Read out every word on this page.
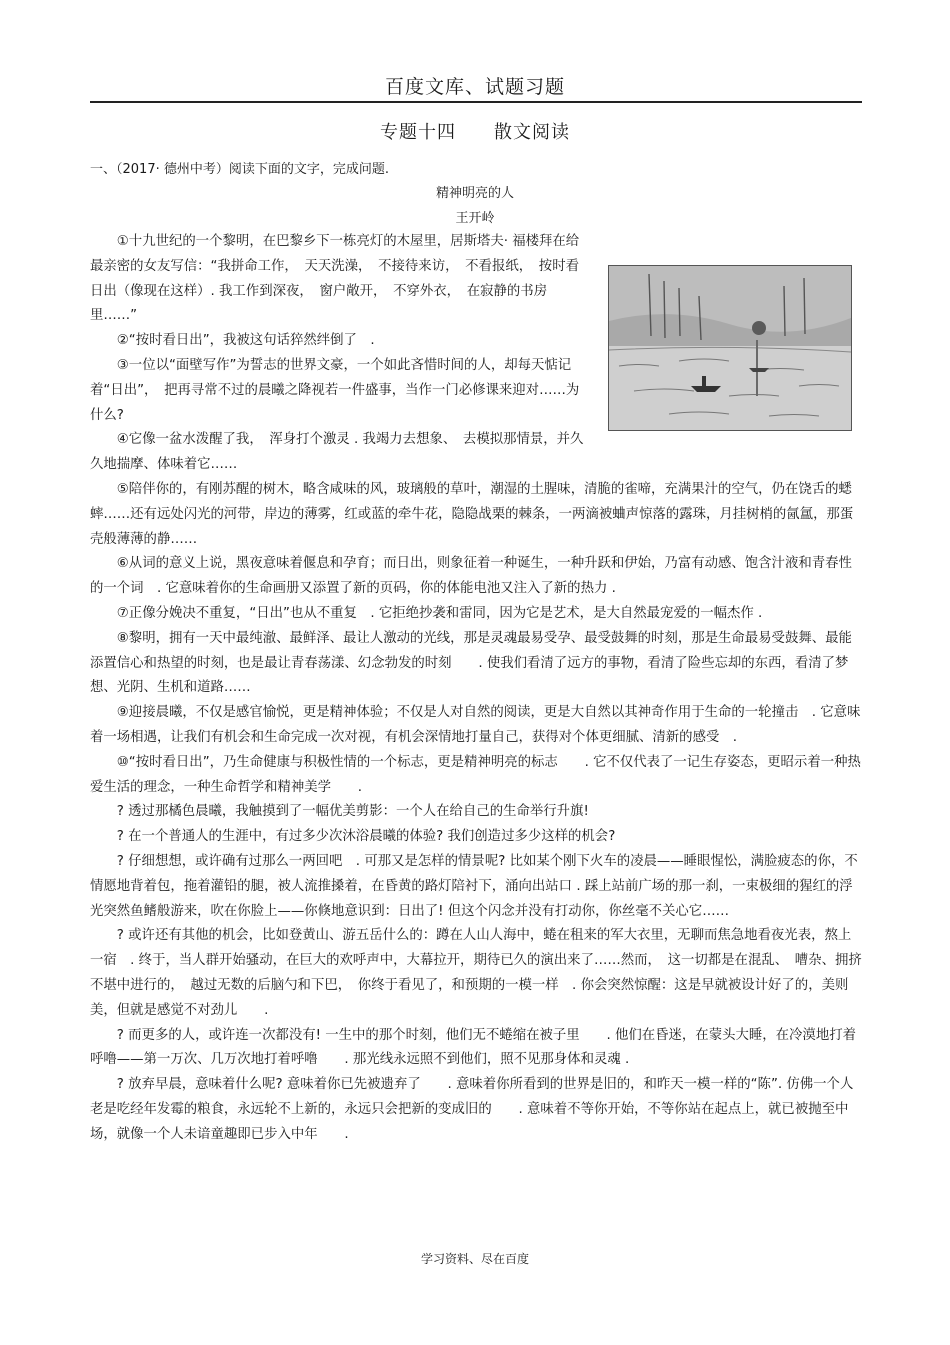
百度文库、试题习题
专题十四　　散文阅读
一、（2017· 德州中考）阅读下面的文字，完成问题.
精神明亮的人
王开岭

①十九世纪的一个黎明，在巴黎乡下一栋亮灯的木屋里，居斯塔夫· 福楼拜在给最亲密的女友写信：“我拼命工作，　天天洗澡，　不接待来访，　不看报纸，　按时看日出（像现在这样）. 我工作到深夜，　窗户敞开，　不穿外衣，　在寂静的书房里……”

②“按时看日出”，我被这句话猝然绊倒了　.

③一位以“面壁写作”为誓志的世界文豪，一个如此吝惜时间的人，却每天惦记着“日出”，　把再寻常不过的晨曦之降视若一件盛事，当作一门必修课来迎对……为什么?

④它像一盆水泼醒了我，　浑身打个激灵 . 我竭力去想象、　去模拟那情景，并久久地揣摩、体味着它……

⑤陪伴你的，有刚苏醒的树木，略含咸味的风，玻璃般的草叶，潮湿的土腥味，清脆的雀啼，充满果汁的空气，仍在饶舌的蟋蟀……还有远处闪光的河带，岸边的薄雾，红或蓝的牵牛花，隐隐战栗的棘条，一两滴被蛐声惊落的露珠，月挂树梢的氤氲，那蛋壳般薄薄的静……

⑥从词的意义上说，黑夜意味着偃息和孕育；而日出，则象征着一种诞生，一种升跃和伊始，乃富有动感、饱含汁液和青春性的一个词　. 它意味着你的生命画册又添置了新的页码，你的体能电池又注入了新的热力 .

⑦正像分娩决不重复，“日出”也从不重复　. 它拒绝抄袭和雷同，因为它是艺术，是大自然最宠爱的一幅杰作 .

⑧黎明，拥有一天中最纯澈、最鲜泽、最让人激动的光线，那是灵魂最易受孕、最受鼓舞的时刻，那是生命最易受鼓舞、最能添置信心和热望的时刻，也是最让青春荡漾、幻念勃发的时刻　　. 使我们看清了远方的事物，看清了险些忘却的东西，看清了梦想、光阴、生机和道路……

⑨迎接晨曦，不仅是感官愉悦，更是精神体验；不仅是人对自然的阅读，更是大自然以其神奇作用于生命的一轮撞击　. 它意味着一场相遇，让我们有机会和生命完成一次对视，有机会深情地打量自己，获得对个体更细腻、清新的感受　.

⑩“按时看日出”，乃生命健康与积极性情的一个标志，更是精神明亮的标志　　. 它不仅代表了一记生存姿态，更昭示着一种热爱生活的理念，一种生命哲学和精神美学　　.

? 透过那橘色晨曦，我触摸到了一幅优美剪影：一个人在给自己的生命举行升旗!

? 在一个普通人的生涯中，有过多少次沐浴晨曦的体验? 我们创造过多少这样的机会?

? 仔细想想，或许确有过那么一两回吧　. 可那又是怎样的情景呢? 比如某个刚下火车的凌晨——睡眼惺忪，满脸疲态的你，不情愿地背着包，拖着灌铅的腿，被人流推搡着，在昏黄的路灯陪衬下，涌向出站口 . 踩上站前广场的那一刹，一束极细的猩红的浮光突然鱼鳍般游来，吹在你脸上——你倏地意识到：日出了! 但这个闪念并没有打动你，你丝毫不关心它……

? 或许还有其他的机会，比如登黄山、游五岳什么的：蹲在人山人海中，蜷在租来的军大衣里，无聊而焦急地看夜光表，熬上一宿　. 终于，当人群开始骚动，在巨大的欢呼声中，大幕拉开，期待已久的演出来了……然而，　这一切都是在混乱、　嘈杂、拥挤不堪中进行的，　越过无数的后脑勺和下巴，　你终于看见了，和预期的一模一样　. 你会突然惊醒：这是早就被设计好了的，美则美，但就是感觉不对劲儿　　.

? 而更多的人，或许连一次都没有! 一生中的那个时刻，他们无不蜷缩在被子里　　. 他们在昏迷，在蒙头大睡，在冷漠地打着呼噜——第一万次、几万次地打着呼噜　　. 那光线永远照不到他们，照不见那身体和灵魂 .

? 放弃早晨，意味着什么呢? 意味着你已先被遗弃了　　. 意味着你所看到的世界是旧的，和昨天一模一样的“陈”. 仿佛一个人老是吃经年发霉的粮食，永远轮不上新的，永远只会把新的变成旧的　　. 意味着不等你开始，不等你站在起点上，就已被抛至中场，就像一个人未谙童趣即已步入中年　　.

学习资料、尽在百度
